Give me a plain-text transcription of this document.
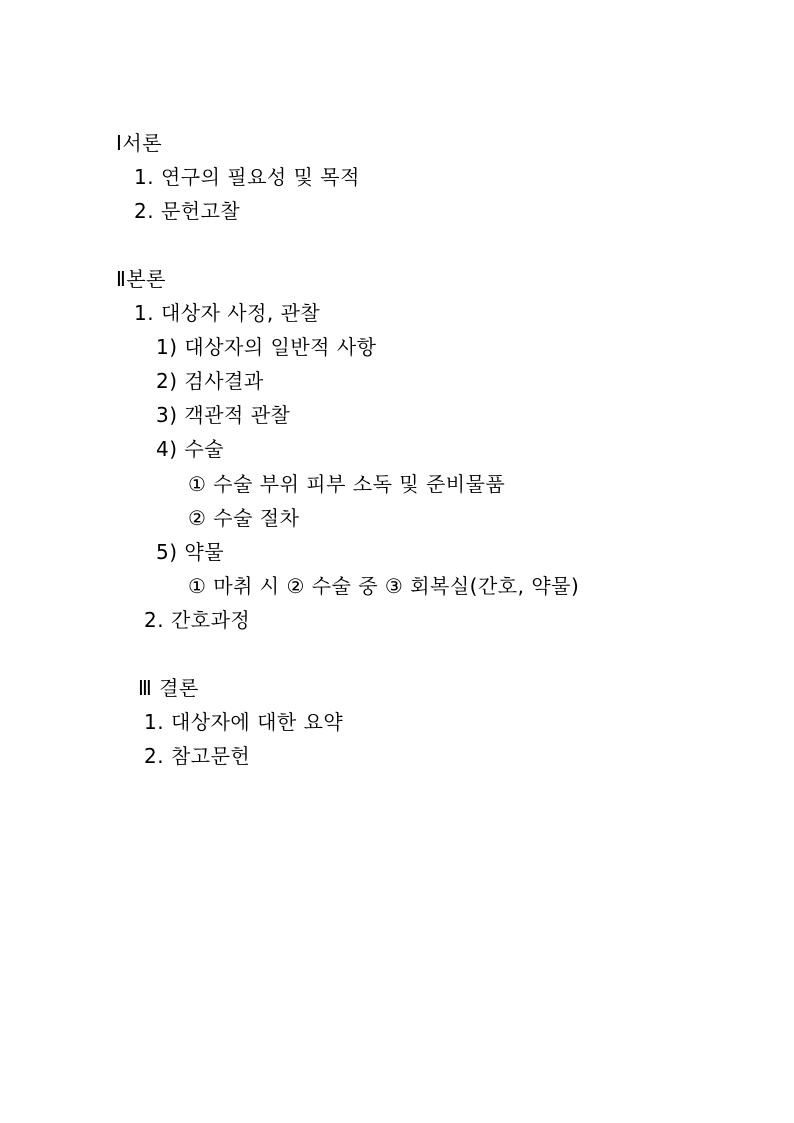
Ⅰ서론
1. 연구의 필요성 및 목적
2. 문헌고찰
Ⅱ본론
1. 대상자 사정, 관찰
1) 대상자의 일반적 사항
2) 검사결과
3) 객관적 관찰
4) 수술
① 수술 부위 피부 소독 및 준비물품
② 수술 절차
5) 약물
① 마취 시 ② 수술 중 ③ 회복실(간호, 약물)
2. 간호과정
Ⅲ 결론
1. 대상자에 대한 요약
2. 참고문헌
